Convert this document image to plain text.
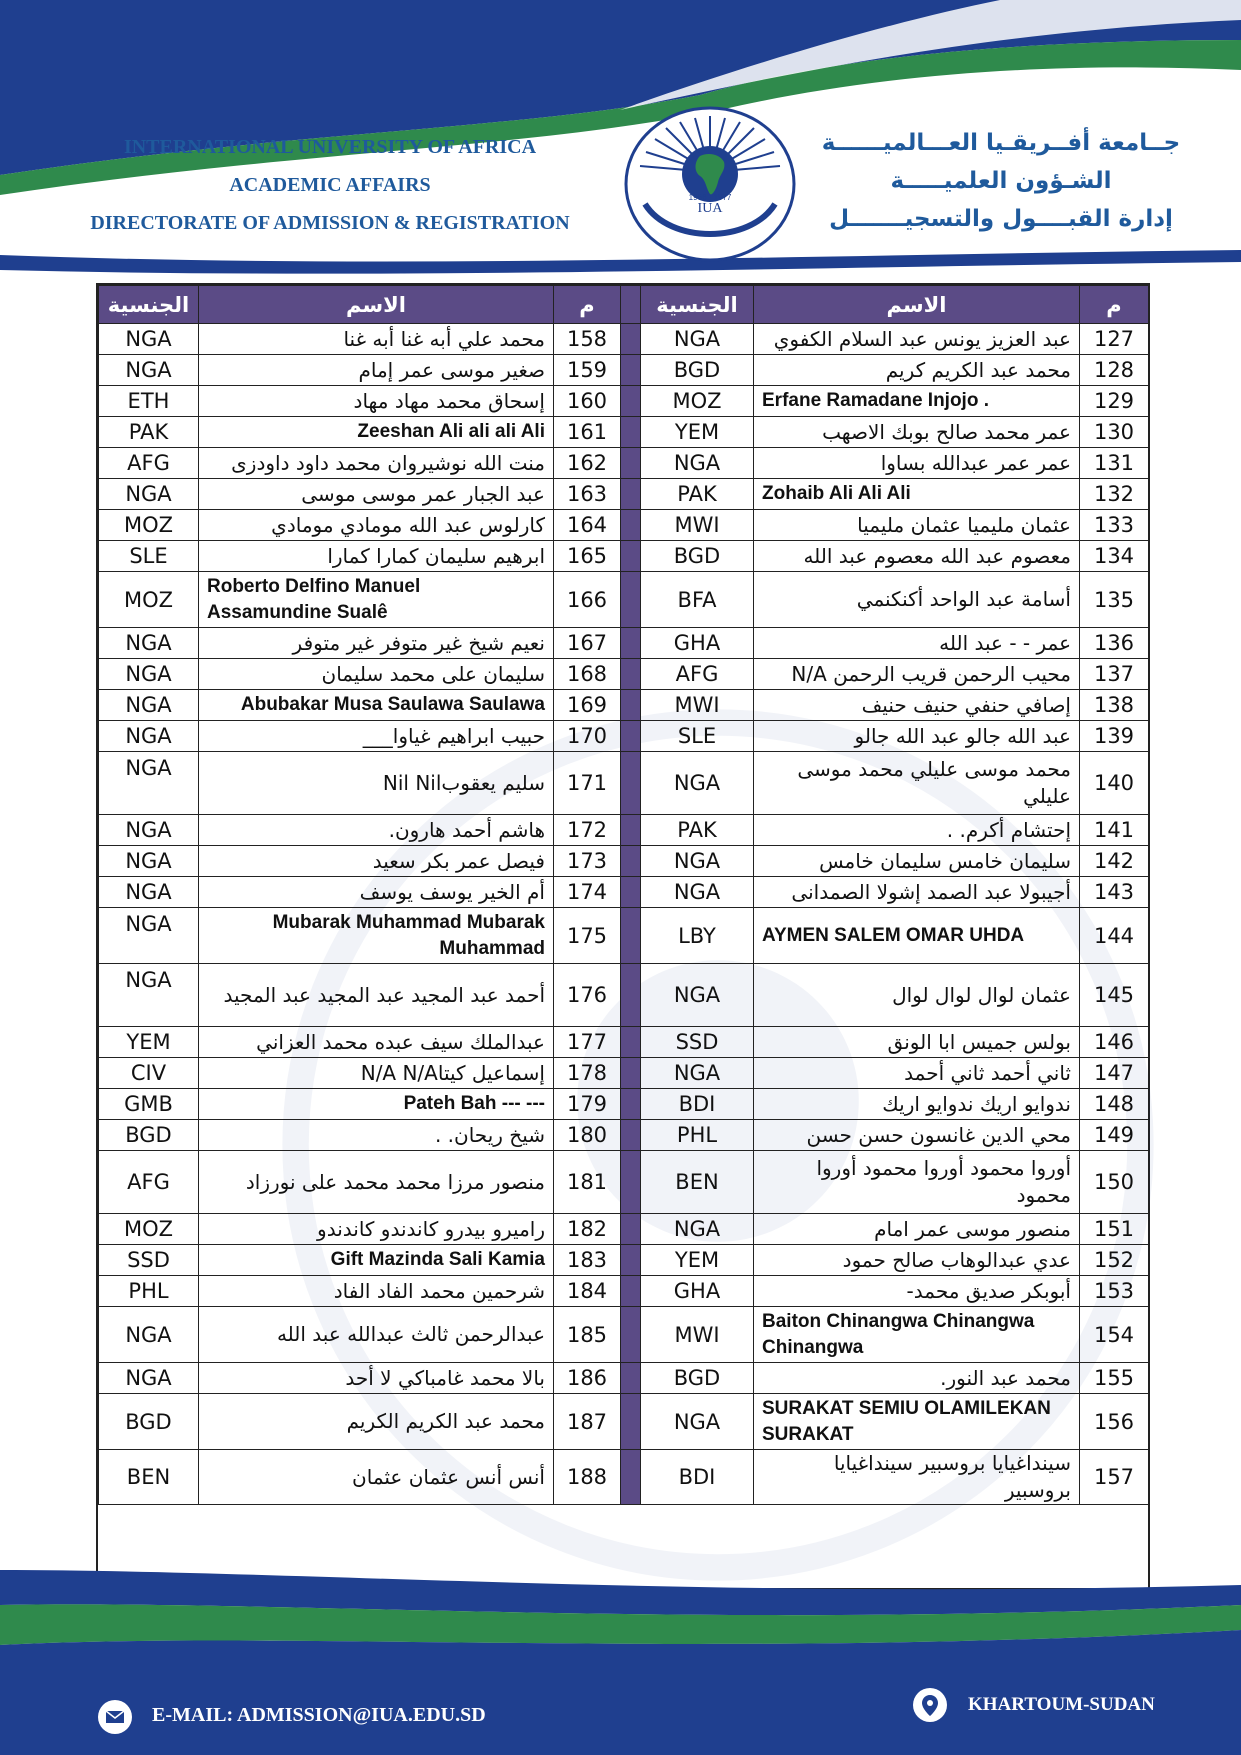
INTERNATIONAL UNIVERSITY OF AFRICA
ACADEMIC AFFAIRS
DIRECTORATE OF ADMISSION & REGISTRATION
IUA
1966 · 1977
جــامعة أفــريقـيا العـــالميــــــة
الشـؤون العلميـــــة
إدارة القبــــول والتسجيـــــــل
الجنسية	الاسم	م		الجنسية	الاسم	م
NGA	محمد علي أبه غنا أبه غنا	158		NGA	عبد العزيز يونس عبد السلام الكفوي	127
NGA	صغير موسى عمر إمام	159		BGD	محمد عبد الكريم كريم	128
ETH	إسحاق محمد مهاد مهاد	160		MOZ	Erfane Ramadane Injojo .	129
PAK	Zeeshan Ali ali ali Ali	161		YEM	عمر محمد صالح بوبك الاصهب	130
AFG	منت الله نوشيروان محمد داود داودزى	162		NGA	عمر عمر عبدالله بساوا	131
NGA	عبد الجبار عمر موسى موسى	163		PAK	Zohaib Ali Ali Ali	132
MOZ	كارلوس عبد الله مومادي مومادي	164		MWI	عثمان مليميا عثمان مليميا	133
SLE	ابرهيم سليمان كمارا كمارا	165		BGD	معصوم عبد الله معصوم عبد الله	134
MOZ	Roberto Delfino Manuel Assamundine Sualê	166		BFA	أسامة عبد الواحد أكنكنمي	135
NGA	نعيم شيخ غير متوفر غير متوفر	167		GHA	عمر - - عبد الله	136
NGA	سليمان على محمد سليمان	168		AFG	محيب الرحمن قريب الرحمن N/A	137
NGA	Abubakar Musa Saulawa Saulawa	169		MWI	إصافي حنفي حنيف حنيف	138
NGA	حبيب ابراهيم غياوا___	170		SLE	عبد الله جالو عبد الله جالو	139
NGA	سليم يعقوبNil Nil	171		NGA	محمد موسى عليلي محمد موسى عليلي	140
NGA	هاشم أحمد هارون.	172		PAK	إحتشام أكرم. .	141
NGA	فيصل عمر بكر سعيد	173		NGA	سليمان خامس سليمان خامس	142
NGA	أم الخير يوسف يوسف	174		NGA	أجيبولا عبد الصمد إشولا الصمدانى	143
NGA	Mubarak Muhammad Mubarak Muhammad	175		LBY	AYMEN SALEM OMAR UHDA	144
NGA	أحمد عبد المجيد عبد المجيد عبد المجيد	176		NGA	عثمان لوال لوال لوال	145
YEM	عبدالملك سيف عبده محمد العزاني	177		SSD	بولس جميس ابا الونق	146
CIV	إسماعيل كيتاN/A N/A	178		NGA	ثاني أحمد ثاني أحمد	147
GMB	Pateh Bah --- ---	179		BDI	ندوايو اريك ندوايو اريك	148
BGD	شيخ ريحان. .	180		PHL	محي الدين غانسون حسن حسن	149
AFG	منصور مرزا محمد محمد على نورزاد	181		BEN	أوروا محمود أوروا محمود أوروا محمود	150
MOZ	راميرو بيدرو كاندندو كاندندو	182		NGA	منصور موسى عمر امام	151
SSD	Gift Mazinda Sali Kamia	183		YEM	عدي عبدالوهاب صالح حمود	152
PHL	شرحمين محمد الفاد الفاد	184		GHA	أبوبكر صديق محمد-	153
NGA	عبدالرحمن ثالث عبدالله عبد الله	185		MWI	Baiton Chinangwa Chinangwa Chinangwa	154
NGA	بالا محمد غامباكي لا أحد	186		BGD	محمد عبد النور.	155
BGD	محمد عبد الكريم الكريم	187		NGA	SURAKAT SEMIU OLAMILEKAN SURAKAT	156
BEN	أنس أنس عثمان عثمان	188		BDI	سينداغيايا بروسبير سينداغيايا بروسبير	157
E-MAIL: ADMISSION@IUA.EDU.SD	KHARTOUM-SUDAN
